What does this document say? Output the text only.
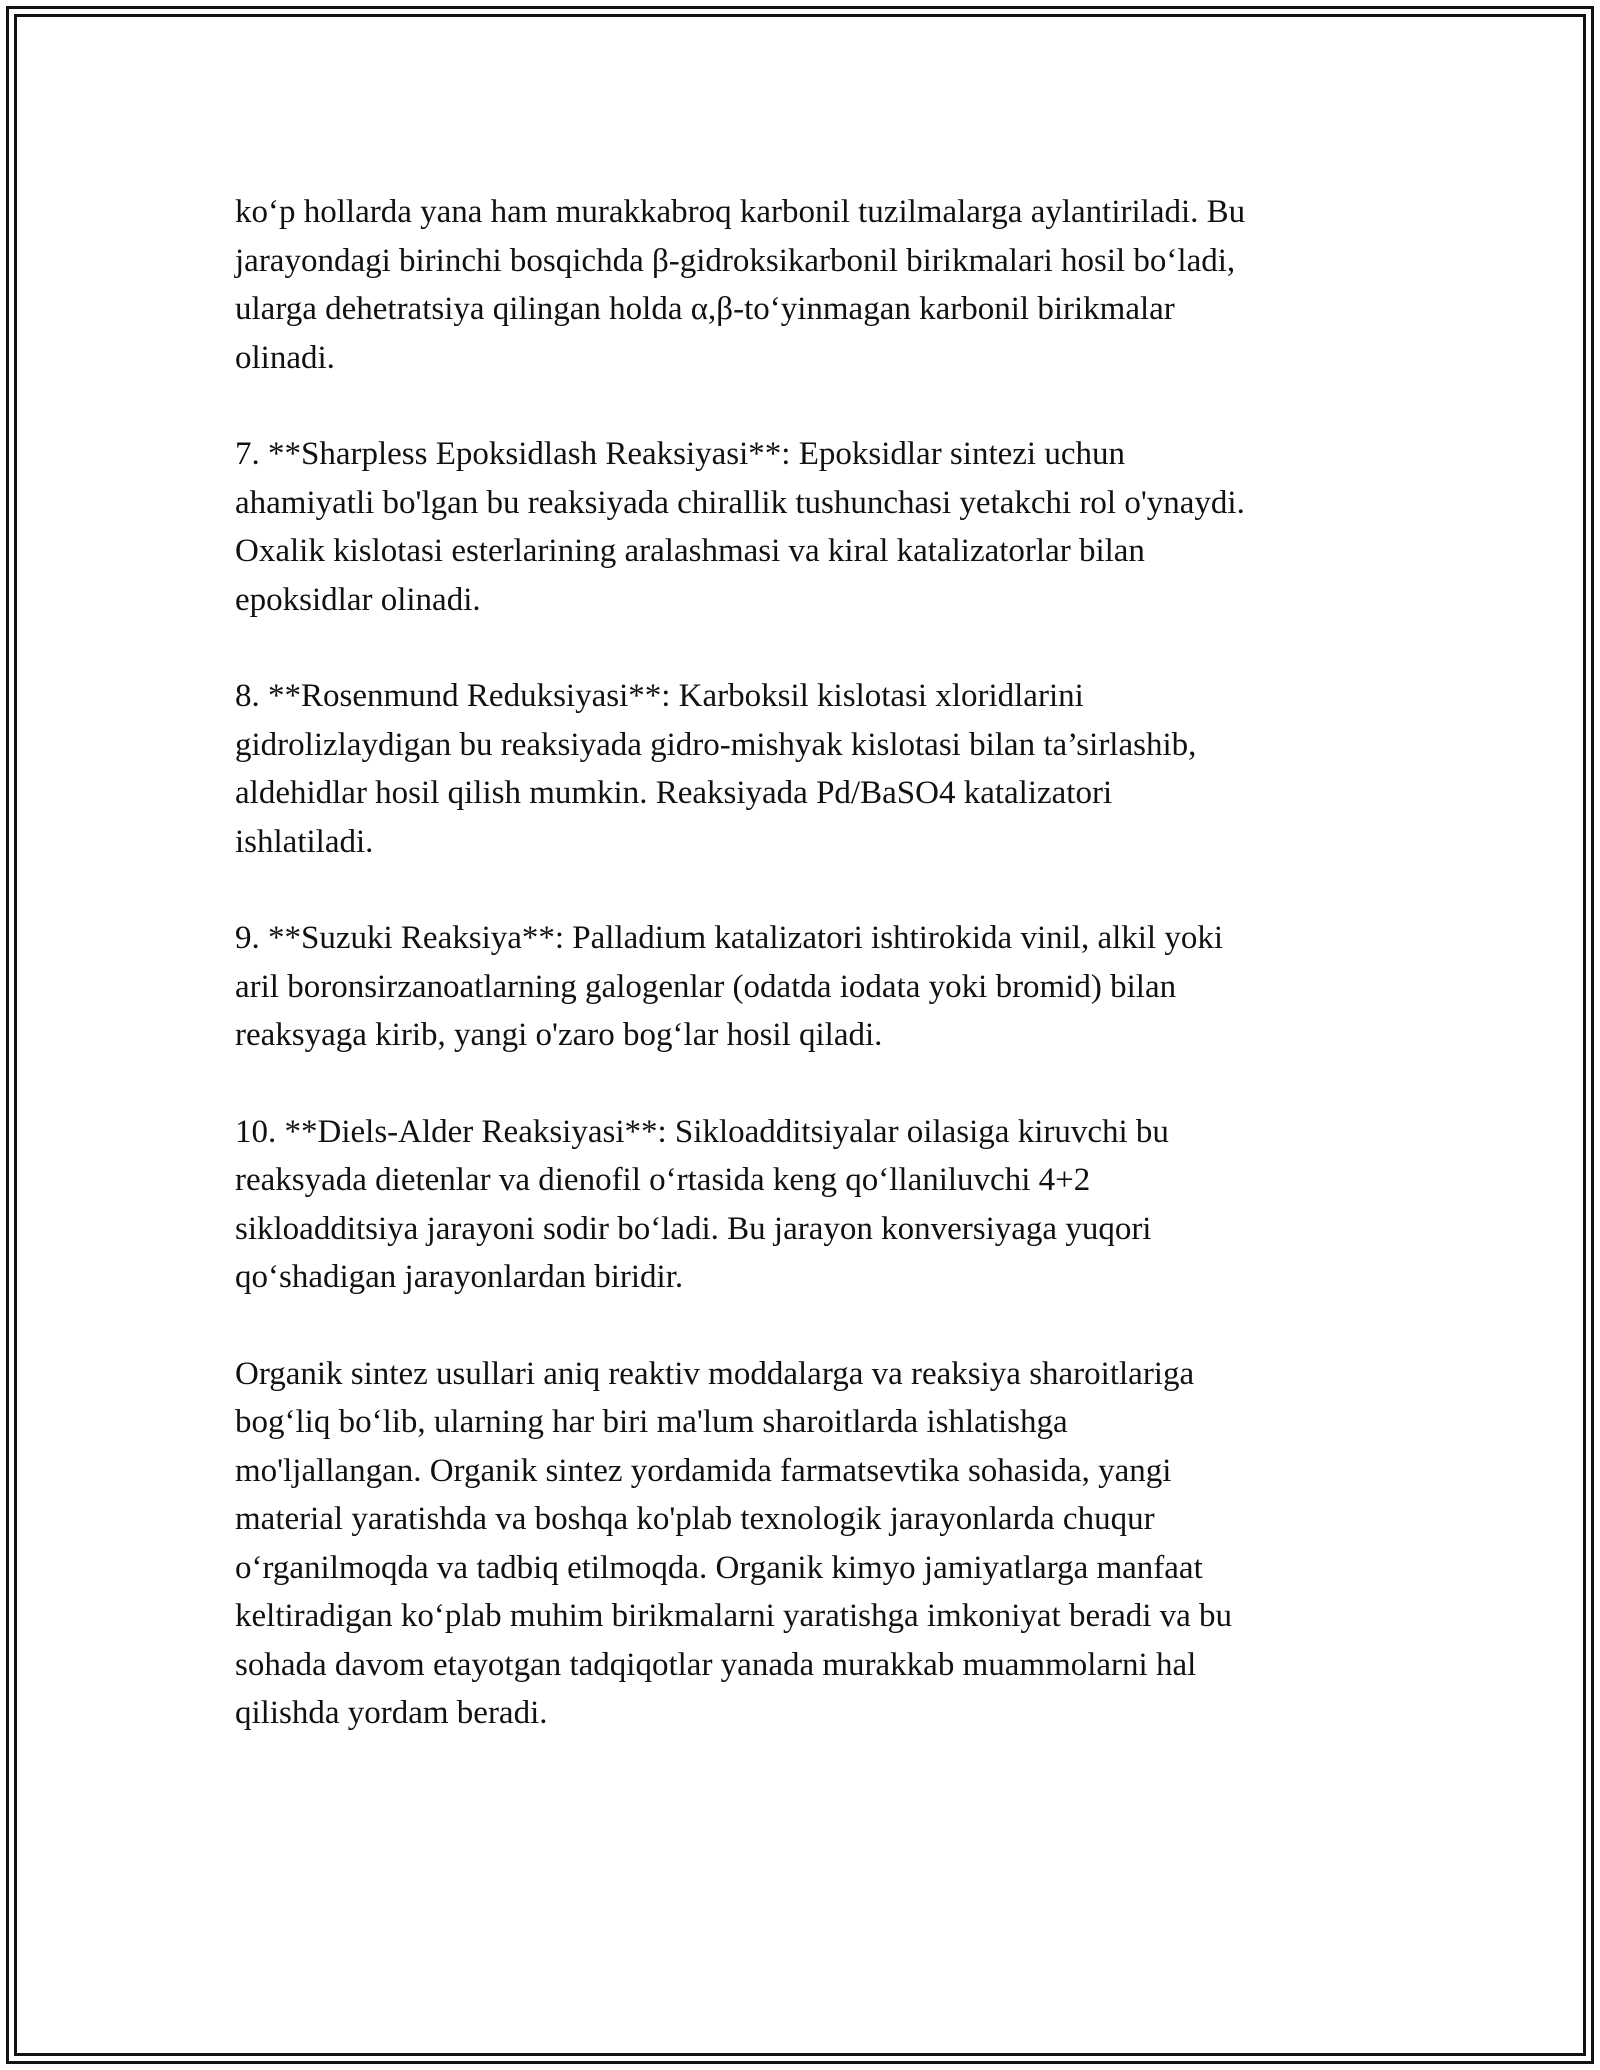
ko‘p hollarda yana ham murakkabroq karbonil tuzilmalarga aylantiriladi. Bu
jarayondagi birinchi bosqichda β-gidroksikarbonil birikmalari hosil bo‘ladi,
ularga dehetratsiya qilingan holda α,β-to‘yinmagan karbonil birikmalar
olinadi.

7. **Sharpless Epoksidlash Reaksiyasi**: Epoksidlar sintezi uchun
ahamiyatli bo'lgan bu reaksiyada chirallik tushunchasi yetakchi rol o'ynaydi.
Oxalik kislotasi esterlarining aralashmasi va kiral katalizatorlar bilan
epoksidlar olinadi.

8. **Rosenmund Reduksiyasi**: Karboksil kislotasi xloridlarini
gidrolizlaydigan bu reaksiyada gidro-mishyak kislotasi bilan ta’sirlashib,
aldehidlar hosil qilish mumkin. Reaksiyada Pd/BaSO4 katalizatori
ishlatiladi.

9. **Suzuki Reaksiya**: Palladium katalizatori ishtirokida vinil, alkil yoki
aril boronsirzanoatlarning galogenlar (odatda iodata yoki bromid) bilan
reaksyaga kirib, yangi o'zaro bog‘lar hosil qiladi.

10. **Diels-Alder Reaksiyasi**: Sikloadditsiyalar oilasiga kiruvchi bu
reaksyada dietenlar va dienofil o‘rtasida keng qo‘llaniluvchi 4+2
sikloadditsiya jarayoni sodir bo‘ladi. Bu jarayon konversiyaga yuqori
qo‘shadigan jarayonlardan biridir.

Organik sintez usullari aniq reaktiv moddalarga va reaksiya sharoitlariga
bog‘liq bo‘lib, ularning har biri ma'lum sharoitlarda ishlatishga
mo'ljallangan. Organik sintez yordamida farmatsevtika sohasida, yangi
material yaratishda va boshqa ko'plab texnologik jarayonlarda chuqur
o‘rganilmoqda va tadbiq etilmoqda. Organik kimyo jamiyatlarga manfaat
keltiradigan ko‘plab muhim birikmalarni yaratishga imkoniyat beradi va bu
sohada davom etayotgan tadqiqotlar yanada murakkab muammolarni hal
qilishda yordam beradi.
